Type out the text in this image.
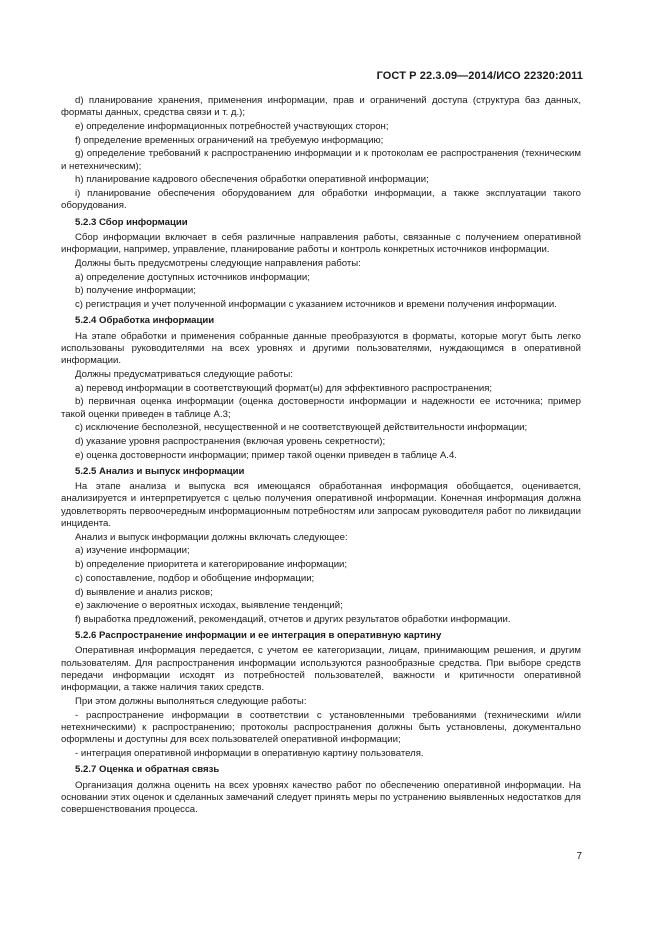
ГОСТ Р 22.3.09—2014/ИСО 22320:2011
d) планирование хранения, применения информации, прав и ограничений доступа (структура баз данных, форматы данных, средства связи и т. д.);
e) определение информационных потребностей участвующих сторон;
f) определение временных ограничений на требуемую информацию;
g) определение требований к распространению информации и к протоколам ее распространения (техническим и нетехническим);
h) планирование кадрового обеспечения обработки оперативной информации;
i) планирование обеспечения оборудованием для обработки информации, а также эксплуатации такого оборудования.
5.2.3 Сбор информации
Сбор информации включает в себя различные направления работы, связанные с получением оперативной информации, например, управление, планирование работы и контроль конкретных источников информации.
Должны быть предусмотрены следующие направления работы:
a) определение доступных источников информации;
b) получение информации;
c) регистрация и учет полученной информации с указанием источников и времени получения информации.
5.2.4 Обработка информации
На этапе обработки и применения собранные данные преобразуются в форматы, которые могут быть легко использованы руководителями на всех уровнях и другими пользователями, нуждающимся в оперативной информации.
Должны предусматриваться следующие работы:
a) перевод информации в соответствующий формат(ы) для эффективного распространения;
b) первичная оценка информации (оценка достоверности информации и надежности ее источника; пример такой оценки приведен в таблице А.3;
c) исключение бесполезной, несущественной и не соответствующей действительности информации;
d) указание уровня распространения (включая уровень секретности);
e) оценка достоверности информации; пример такой оценки приведен в таблице А.4.
5.2.5 Анализ и выпуск информации
На этапе анализа и выпуска вся имеющаяся обработанная информация обобщается, оценивается, анализируется и интерпретируется с целью получения оперативной информации. Конечная информация должна удовлетворять первоочередным информационным потребностям или запросам руководителя работ по ликвидации инцидента.
Анализ и выпуск информации должны включать следующее:
a) изучение информации;
b) определение приоритета и категорирование информации;
c) сопоставление, подбор и обобщение информации;
d) выявление и анализ рисков;
e) заключение о вероятных исходах, выявление тенденций;
f) выработка предложений, рекомендаций, отчетов и других результатов обработки информации.
5.2.6 Распространение информации и ее интеграция в оперативную картину
Оперативная информация передается, с учетом ее категоризации, лицам, принимающим решения, и другим пользователям. Для распространения информации используются разнообразные средства. При выборе средств передачи информации исходят из потребностей пользователей, важности и критичности оперативной информации, а также наличия таких средств.
При этом должны выполняться следующие работы:
- распространение информации в соответствии с установленными требованиями (техническими и/или нетехническими) к распространению; протоколы распространения должны быть установлены, документально оформлены и доступны для всех пользователей оперативной информации;
- интеграция оперативной информации в оперативную картину пользователя.
5.2.7 Оценка и обратная связь
Организация должна оценить на всех уровнях качество работ по обеспечению оперативной информации. На основании этих оценок и сделанных замечаний следует принять меры по устранению выявленных недостатков для совершенствования процесса.
7
